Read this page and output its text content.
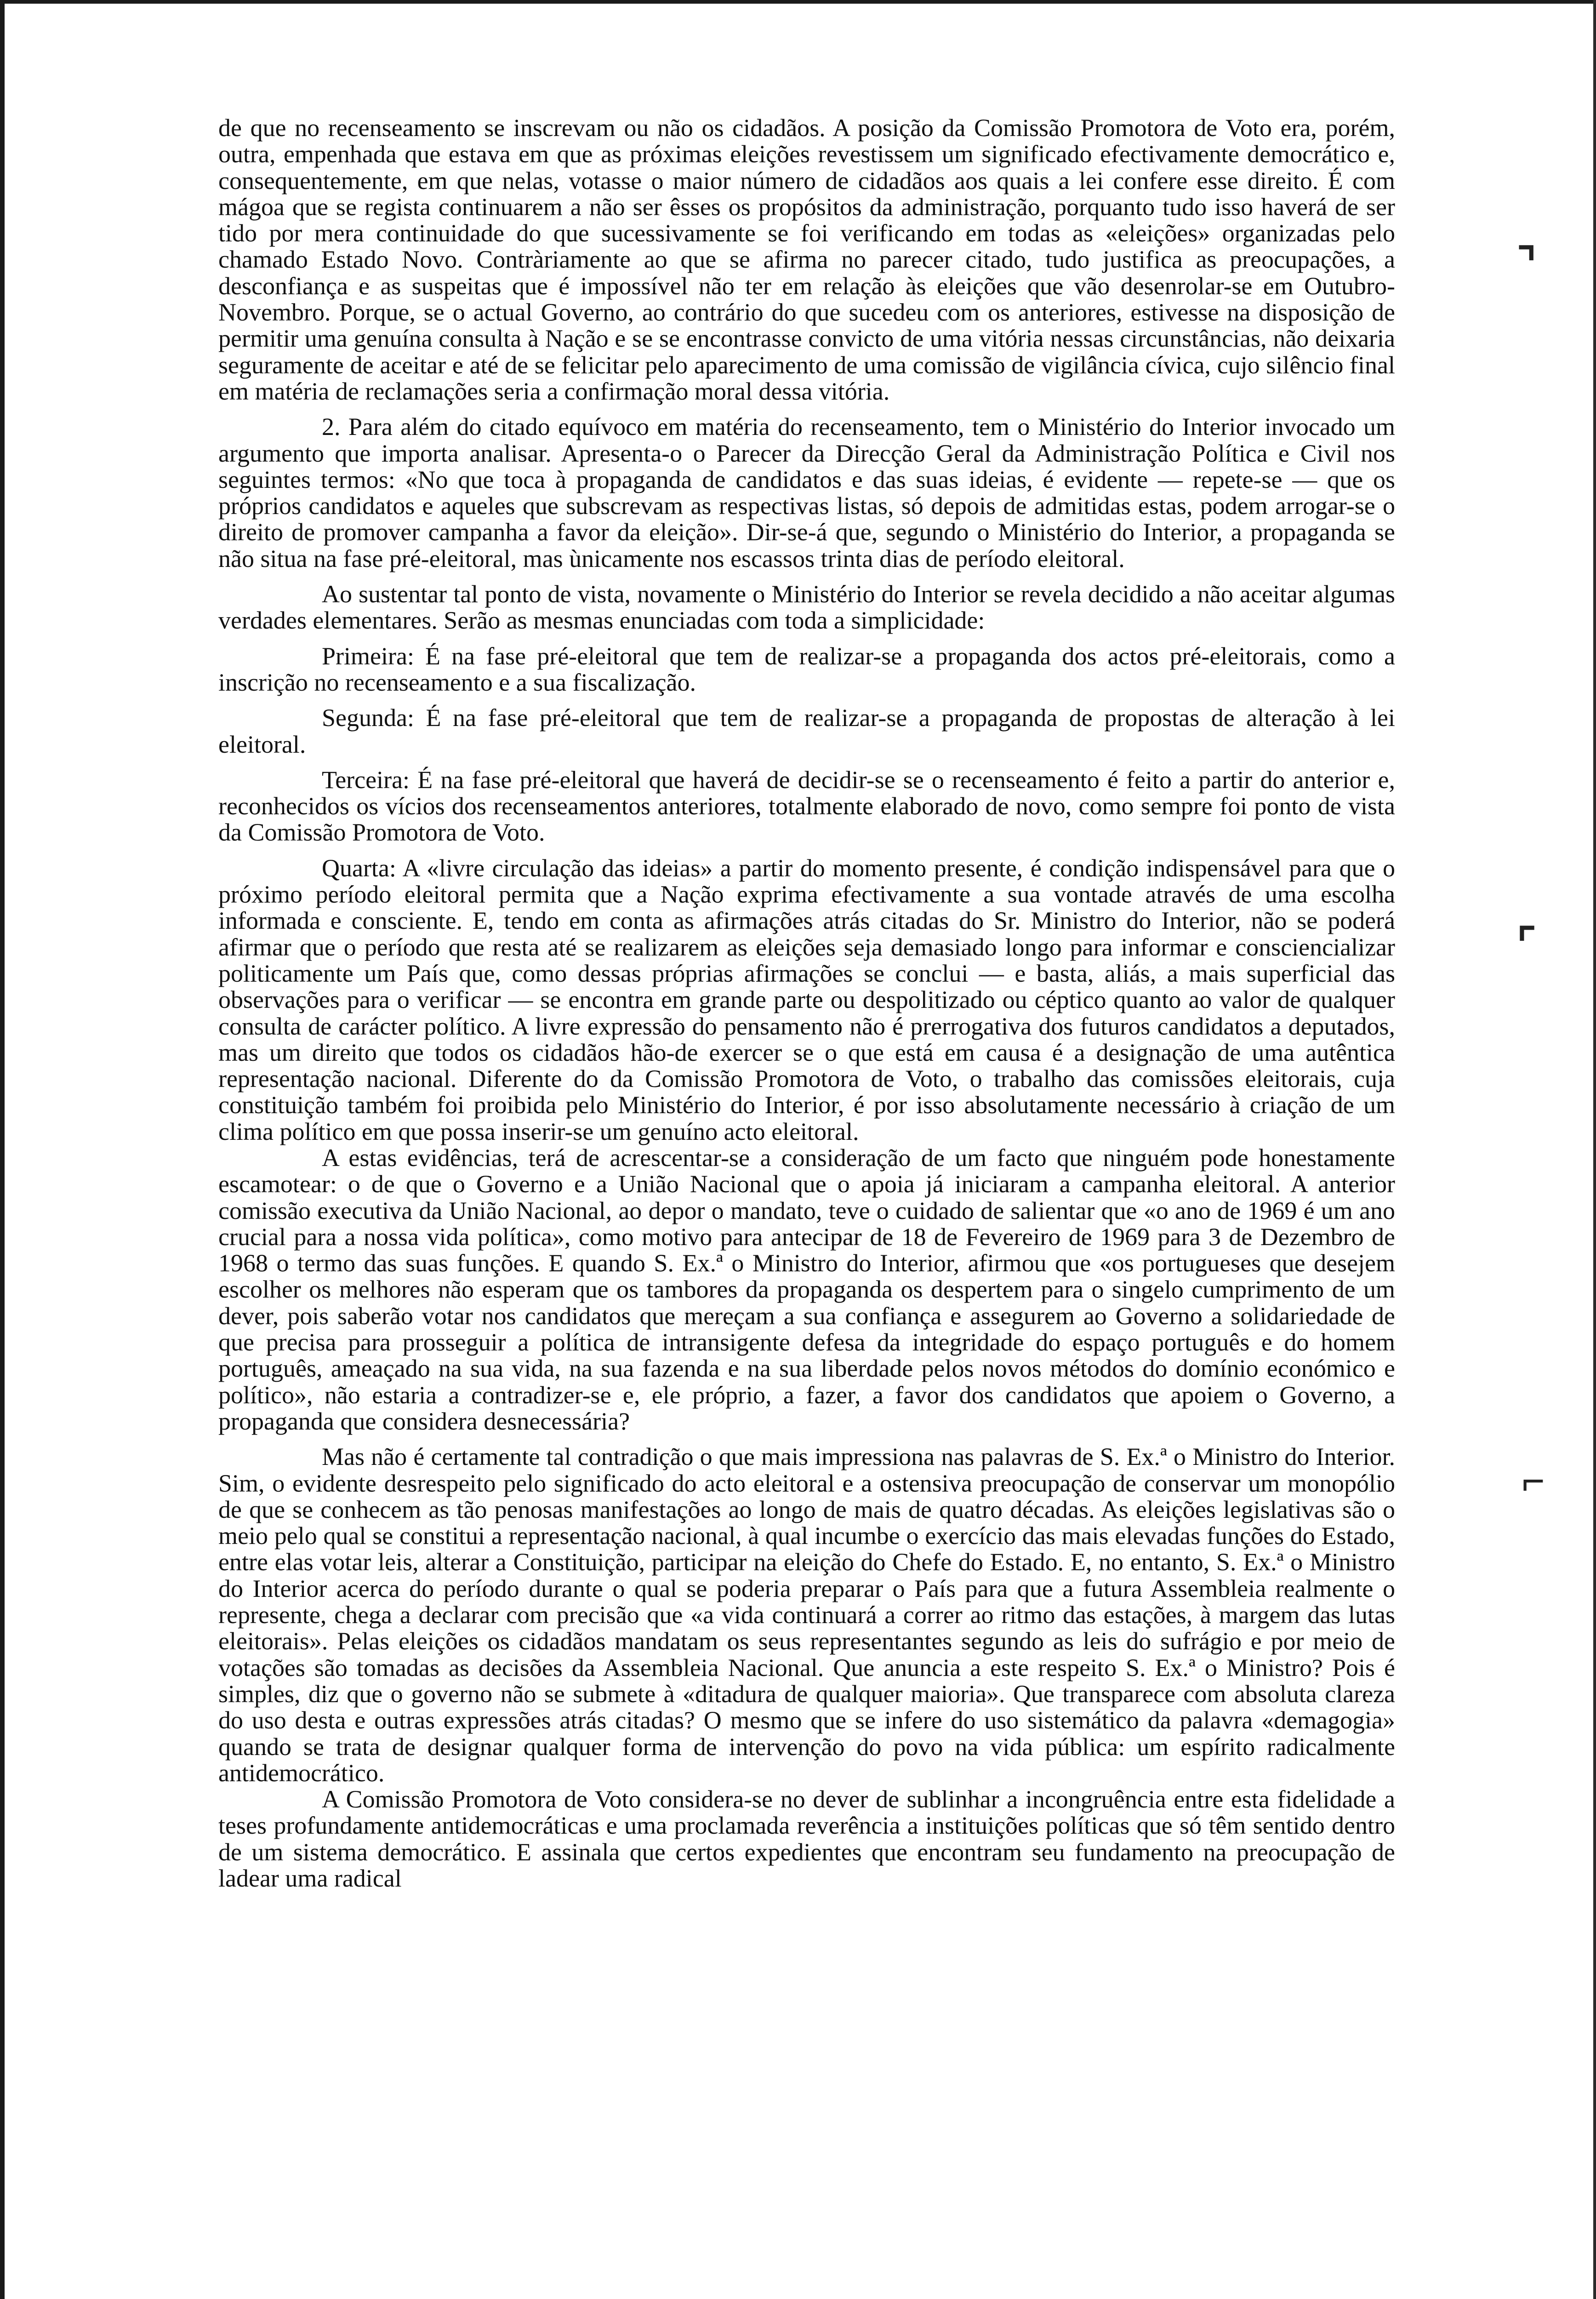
de que no recenseamento se inscrevam ou não os cidadãos. A posição da Comissão Promotora de Voto era, porém, outra, empenhada que estava em que as próximas eleições revestissem um significado efectivamente democrático e, consequentemente, em que nelas, votasse o maior número de cidadãos aos quais a lei confere esse direito. É com mágoa que se regista continuarem a não ser êsses os propósitos da administração, porquanto tudo isso haverá de ser tido por mera continuidade do que sucessivamente se foi verificando em todas as «eleições» organizadas pelo chamado Estado Novo. Contràriamente ao que se afirma no parecer citado, tudo justifica as preocupações, a desconfiança e as suspeitas que é impossível não ter em relação às eleições que vão desenrolar-se em Outubro-Novembro. Porque, se o actual Governo, ao contrário do que sucedeu com os anteriores, estivesse na disposição de permitir uma genuína consulta à Nação e se se encontrasse convicto de uma vitória nessas circunstâncias, não deixaria seguramente de aceitar e até de se felicitar pelo aparecimento de uma comissão de vigilância cívica, cujo silêncio final em matéria de reclamações seria a confirmação moral dessa vitória.

2. Para além do citado equívoco em matéria do recenseamento, tem o Ministério do Interior invocado um argumento que importa analisar. Apresenta-o o Parecer da Direcção Geral da Administração Política e Civil nos seguintes termos: «No que toca à propaganda de candidatos e das suas ideias, é evidente — repete-se — que os próprios candidatos e aqueles que subscrevam as respectivas listas, só depois de admitidas estas, podem arrogar-se o direito de promover campanha a favor da eleição». Dir-se-á que, segundo o Ministério do Interior, a propaganda se não situa na fase pré-eleitoral, mas ùnicamente nos escassos trinta dias de período eleitoral.

Ao sustentar tal ponto de vista, novamente o Ministério do Interior se revela decidido a não aceitar algumas verdades elementares. Serão as mesmas enunciadas com toda a simplicidade:

Primeira: É na fase pré-eleitoral que tem de realizar-se a propaganda dos actos pré-eleitorais, como a inscrição no recenseamento e a sua fiscalização.

Segunda: É na fase pré-eleitoral que tem de realizar-se a propaganda de propostas de alteração à lei eleitoral.

Terceira: É na fase pré-eleitoral que haverá de decidir-se se o recenseamento é feito a partir do anterior e, reconhecidos os vícios dos recenseamentos anteriores, totalmente elaborado de novo, como sempre foi ponto de vista da Comissão Promotora de Voto.

Quarta: A «livre circulação das ideias» a partir do momento presente, é condição indispensável para que o próximo período eleitoral permita que a Nação exprima efectivamente a sua vontade através de uma escolha informada e consciente. E, tendo em conta as afirmações atrás citadas do Sr. Ministro do Interior, não se poderá afirmar que o período que resta até se realizarem as eleições seja demasiado longo para informar e consciencializar politicamente um País que, como dessas próprias afirmações se conclui — e basta, aliás, a mais superficial das observações para o verificar — se encontra em grande parte ou despolitizado ou céptico quanto ao valor de qualquer consulta de carácter político. A livre expressão do pensamento não é prerrogativa dos futuros candidatos a deputados, mas um direito que todos os cidadãos hão-de exercer se o que está em causa é a designação de uma autêntica representação nacional. Diferente do da Comissão Promotora de Voto, o trabalho das comissões eleitorais, cuja constituição também foi proibida pelo Ministério do Interior, é por isso absolutamente necessário à criação de um clima político em que possa inserir-se um genuíno acto eleitoral.

A estas evidências, terá de acrescentar-se a consideração de um facto que ninguém pode honestamente escamotear: o de que o Governo e a União Nacional que o apoia já iniciaram a campanha eleitoral. A anterior comissão executiva da União Nacional, ao depor o mandato, teve o cuidado de salientar que «o ano de 1969 é um ano crucial para a nossa vida política», como motivo para antecipar de 18 de Fevereiro de 1969 para 3 de Dezembro de 1968 o termo das suas funções. E quando S. Ex.ª o Ministro do Interior, afirmou que «os portugueses que desejem escolher os melhores não esperam que os tambores da propaganda os despertem para o singelo cumprimento de um dever, pois saberão votar nos candidatos que mereçam a sua confiança e assegurem ao Governo a solidariedade de que precisa para prosseguir a política de intransigente defesa da integridade do espaço português e do homem português, ameaçado na sua vida, na sua fazenda e na sua liberdade pelos novos métodos do domínio económico e político», não estaria a contradizer-se e, ele próprio, a fazer, a favor dos candidatos que apoiem o Governo, a propaganda que considera desnecessária?

Mas não é certamente tal contradição o que mais impressiona nas palavras de S. Ex.ª o Ministro do Interior. Sim, o evidente desrespeito pelo significado do acto eleitoral e a ostensiva preocupação de conservar um monopólio de que se conhecem as tão penosas manifestações ao longo de mais de quatro décadas. As eleições legislativas são o meio pelo qual se constitui a representação nacional, à qual incumbe o exercício das mais elevadas funções do Estado, entre elas votar leis, alterar a Constituição, participar na eleição do Chefe do Estado. E, no entanto, S. Ex.ª o Ministro do Interior acerca do período durante o qual se poderia preparar o País para que a futura Assembleia realmente o represente, chega a declarar com precisão que «a vida continuará a correr ao ritmo das estações, à margem das lutas eleitorais». Pelas eleições os cidadãos mandatam os seus representantes segundo as leis do sufrágio e por meio de votações são tomadas as decisões da Assembleia Nacional. Que anuncia a este respeito S. Ex.ª o Ministro? Pois é simples, diz que o governo não se submete à «ditadura de qualquer maioria». Que transparece com absoluta clareza do uso desta e outras expressões atrás citadas? O mesmo que se infere do uso sistemático da palavra «demagogia» quando se trata de designar qualquer forma de intervenção do povo na vida pública: um espírito radicalmente antidemocrático.

A Comissão Promotora de Voto considera-se no dever de sublinhar a incongruência entre esta fidelidade a teses profundamente antidemocráticas e uma proclamada reverência a instituições políticas que só têm sentido dentro de um sistema democrático. E assinala que certos expedientes que encontram seu fundamento na preocupação de ladear uma radical

⌝
⌜
⌐
